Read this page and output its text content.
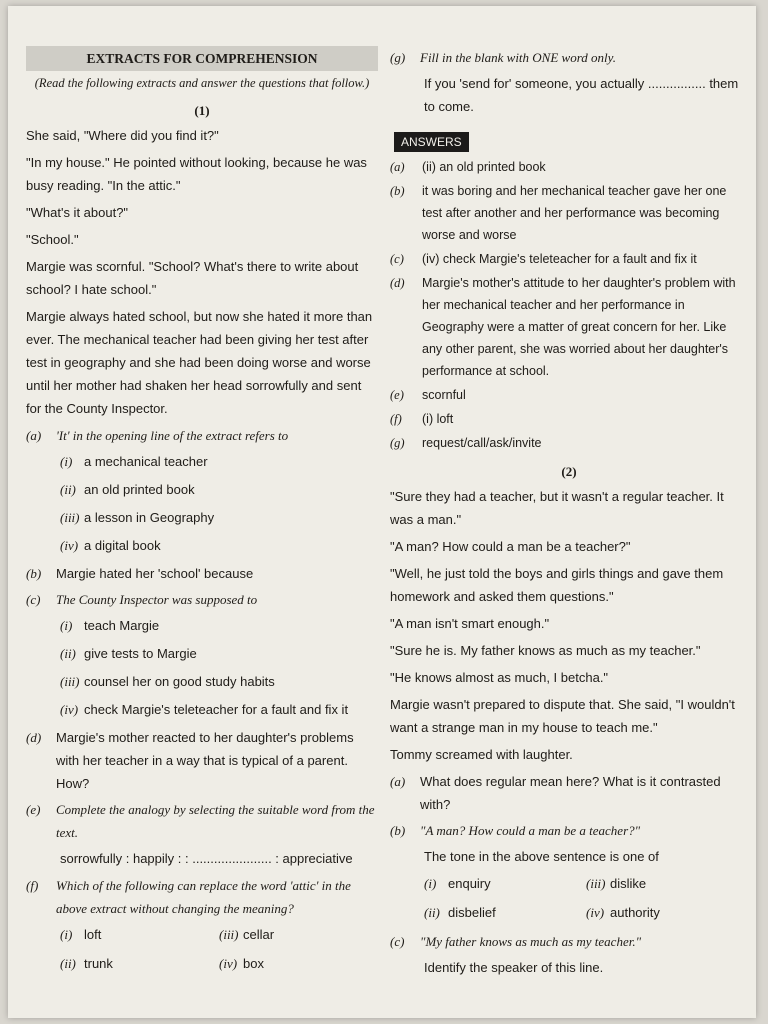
EXTRACTS FOR COMPREHENSION
(Read the following extracts and answer the questions that follow.)
(1)

She said, "Where did you find it?"

"In my house." He pointed without looking, because he was busy reading. "In the attic."

"What's it about?"

"School."

Margie was scornful. "School? What's there to write about school? I hate school."

Margie always hated school, but now she hated it more than ever. The mechanical teacher had been giving her test after test in geography and she had been doing worse and worse until her mother had shaken her head sorrowfully and sent for the County Inspector.

(a)	'It' in the opening line of the extract refers to
(i) a mechanical teacher
(ii) an old printed book
(iii) a lesson in Geography
(iv) a digital book
(b)	Margie hated her 'school' because
(c)	The County Inspector was supposed to
(i) teach Margie
(ii) give tests to Margie
(iii) counsel her on good study habits
(iv) check Margie's teleteacher for a fault and fix it
(d)	Margie's mother reacted to her daughter's problems with her teacher in a way that is typical of a parent. How?
(e)	Complete the analogy by selecting the suitable word from the text.

sorrowfully : happily : : ...................... : appreciative

(f)	Which of the following can replace the word 'attic' in the above extract without changing the meaning?
(i) loft	(iii) cellar
(ii) trunk	(iv) box
(g)	Fill in the blank with ONE word only.

If you 'send for' someone, you actually ................ them to come.

ANSWERS
(a)	(ii) an old printed book
(b)	it was boring and her mechanical teacher gave her one test after another and her performance was becoming worse and worse
(c)	(iv) check Margie's teleteacher for a fault and fix it
(d)	Margie's mother's attitude to her daughter's problem with her mechanical teacher and her performance in Geography were a matter of great concern for her. Like any other parent, she was worried about her daughter's performance at school.
(e)	scornful
(f)	(i) loft
(g)	request/call/ask/invite
(2)

"Sure they had a teacher, but it wasn't a regular teacher. It was a man."

"A man? How could a man be a teacher?"

"Well, he just told the boys and girls things and gave them homework and asked them questions."

"A man isn't smart enough."

"Sure he is. My father knows as much as my teacher."

"He knows almost as much, I betcha."

Margie wasn't prepared to dispute that. She said, "I wouldn't want a strange man in my house to teach me."

Tommy screamed with laughter.

(a)	What does regular mean here? What is it contrasted with?
(b)	"A man? How could a man be a teacher?"

The tone in the above sentence is one of

(i) enquiry	(iii) dislike
(ii) disbelief	(iv) authority
(c)	"My father knows as much as my teacher."

Identify the speaker of this line.
